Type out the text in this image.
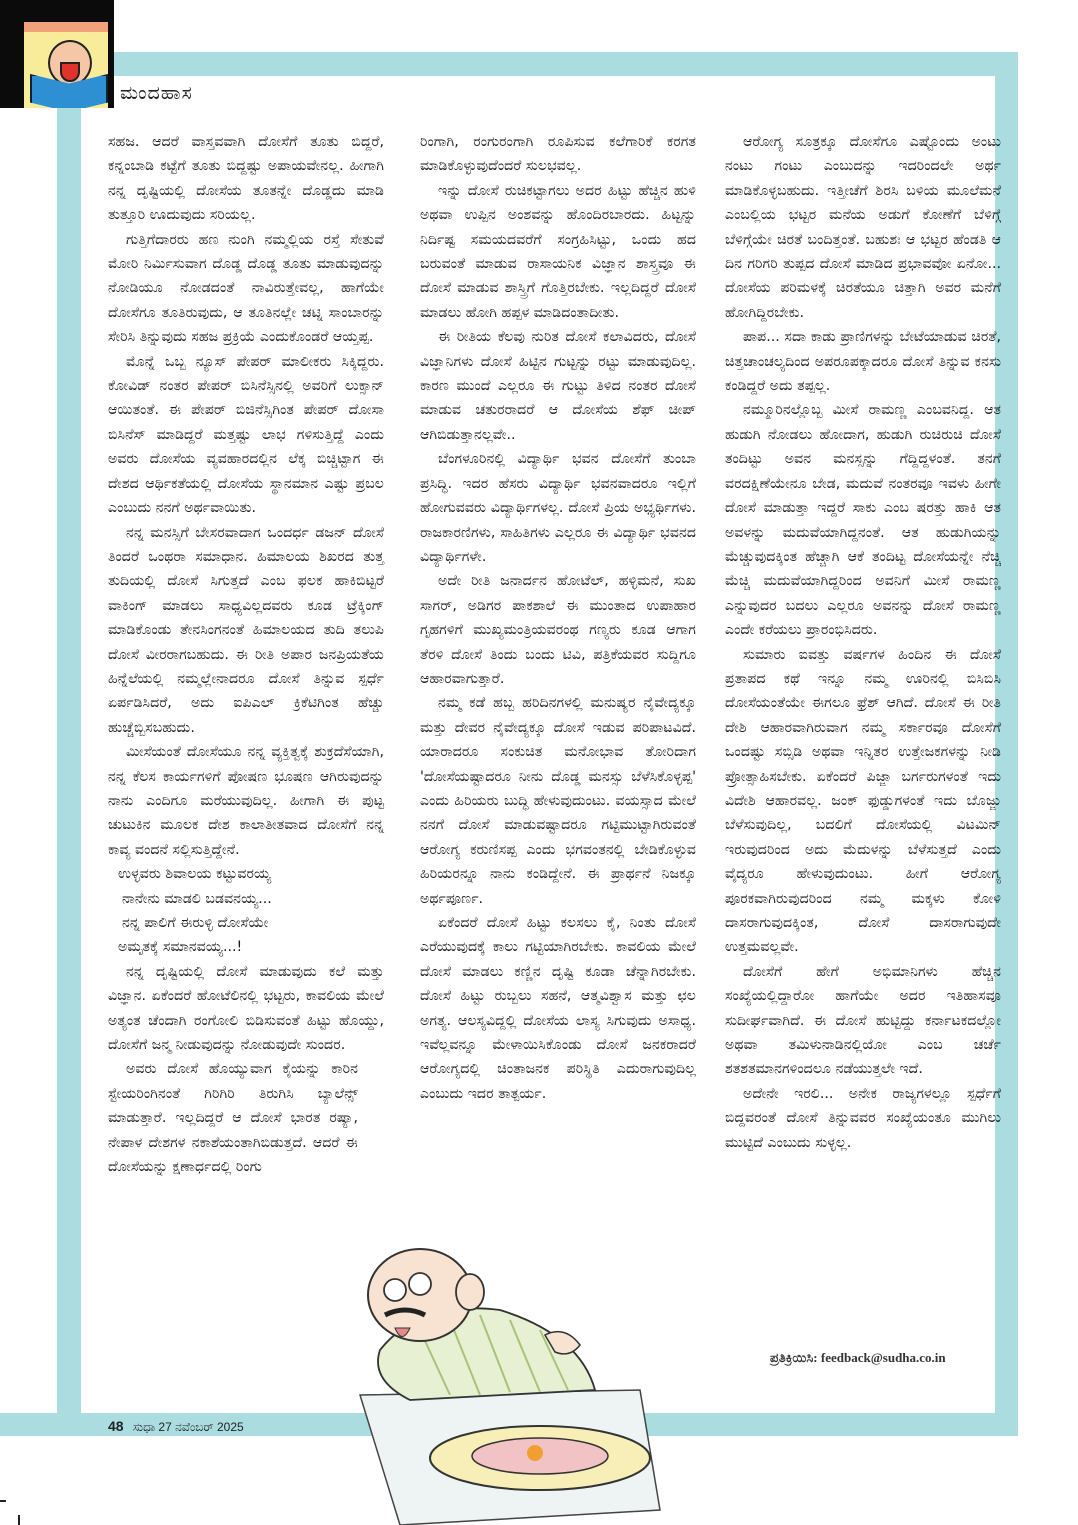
ಮಂದಹಾಸ

ಸಹಜ. ಆದರೆ ವಾಸ್ತವವಾಗಿ ದೋಸೆಗೆ ತೂತು ಬಿದ್ದರೆ, ಕನ್ನಂಬಾಡಿ ಕಟ್ಟೆಗೆ ತೂತು ಬಿದ್ದಷ್ಟು ಅಪಾಯವೇನಲ್ಲ. ಹೀಗಾಗಿ ನನ್ನ ದೃಷ್ಟಿಯಲ್ಲಿ ದೋಸೆಯ ತೂತನ್ನೇ ದೊಡ್ಡದು ಮಾಡಿ ತುತ್ತೂರಿ ಊದುವುದು ಸರಿಯಲ್ಲ.

ಗುತ್ತಿಗೆದಾರರು ಹಣ ನುಂಗಿ ನಮ್ಮಲ್ಲಿಯ ರಸ್ತೆ ಸೇತುವೆ ಮೋರಿ ನಿರ್ಮಿಸುವಾಗ ದೊಡ್ಡ ದೊಡ್ಡ ತೂತು ಮಾಡುವುದನ್ನು ನೋಡಿಯೂ ನೋಡದಂತೆ ನಾವಿರುತ್ತೇವಲ್ಲ, ಹಾಗೆಯೇ ದೋಸೆಗೂ ತೂತಿರುವುದು, ಆ ತೂತಿನಲ್ಲೇ ಚಟ್ನಿ ಸಾಂಬಾರನ್ನು ಸೇರಿಸಿ ತಿನ್ನುವುದು ಸಹಜ ಪ್ರಕ್ರಿಯೆ ಎಂದುಕೊಂಡರೆ ಆಯ್ತಪ್ಪ.

ಮೊನ್ನೆ ಒಬ್ಬ ನ್ಯೂಸ್ ಪೇಪರ್ ಮಾಲೀಕರು ಸಿಕ್ಕಿದ್ದರು. ಕೋವಿಡ್ ನಂತರ ಪೇಪರ್ ಬಿಸಿನೆಸ್ಸಿನಲ್ಲಿ ಅವರಿಗೆ ಲುಕ್ಸಾನ್ ಆಯಿತಂತೆ. ಈ ಪೇಪರ್ ಬಿಜಿನೆಸ್ಸಿಗಿಂತ ಪೇಪರ್ ದೋಸಾ ಬಿಸಿನೆಸ್ ಮಾಡಿದ್ದರೆ ಮತ್ತಷ್ಟು ಲಾಭ ಗಳಿಸುತ್ತಿದ್ದೆ ಎಂದು ಅವರು ದೋಸೆಯ ವ್ಯವಹಾರದಲ್ಲಿನ ಲೆಕ್ಕ ಬಿಚ್ಚಿಟ್ಟಾಗ ಈ ದೇಶದ ಆರ್ಥಿಕತೆಯಲ್ಲಿ ದೋಸೆಯ ಸ್ಥಾನಮಾನ ಎಷ್ಟು ಪ್ರಬಲ ಎಂಬುದು ನನಗೆ ಅರ್ಥವಾಯಿತು.

ನನ್ನ ಮನಸ್ಸಿಗೆ ಬೇಸರವಾದಾಗ ಒಂದರ್ಧ ಡಜನ್ ದೋಸೆ ತಿಂದರೆ ಒಂಥರಾ ಸಮಾಧಾನ. ಹಿಮಾಲಯ ಶಿಖರದ ತುತ್ತ ತುದಿಯಲ್ಲಿ ದೋಸೆ ಸಿಗುತ್ತದೆ ಎಂಬ ಫಲಕ ಹಾಕಿಬಿಟ್ಟರೆ ವಾಕಿಂಗ್ ಮಾಡಲು ಸಾಧ್ಯವಿಲ್ಲದವರು ಕೂಡ ಟ್ರೆಕ್ಕಿಂಗ್ ಮಾಡಿಕೊಂಡು ತೇನಸಿಂಗನಂತೆ ಹಿಮಾಲಯದ ತುದಿ ತಲುಪಿ ದೋಸೆ ವೀರರಾಗಬಹುದು. ಈ ರೀತಿ ಅಪಾರ ಜನಪ್ರಿಯತೆಯ ಹಿನ್ನೆಲೆಯಲ್ಲಿ ನಮ್ಮಲ್ಲೇನಾದರೂ ದೋಸೆ ತಿನ್ನುವ ಸ್ಪರ್ಧೆ ಏರ್ಪಡಿಸಿದರೆ, ಅದು ಐಪಿಎಲ್ ಕ್ರಿಕೆಟಿಗಿಂತ ಹೆಚ್ಚು ಹುಚ್ಚೆಬ್ಬಿಸಬಹುದು.

ಮೀಸೆಯಂತೆ ದೋಸೆಯೂ ನನ್ನ ವ್ಯಕ್ತಿತ್ವಕ್ಕೆ ಶುಕ್ರದೆಸೆಯಾಗಿ, ನನ್ನ ಕೆಲಸ ಕಾರ್ಯಗಳಿಗೆ ಪೋಷಣ ಭೂಷಣ ಆಗಿರುವುದನ್ನು ನಾನು ಎಂದಿಗೂ ಮರೆಯುವುದಿಲ್ಲ. ಹೀಗಾಗಿ ಈ ಪುಟ್ಟ ಚುಟುಕಿನ ಮೂಲಕ ದೇಶ ಕಾಲಾತೀತವಾದ ದೋಸೆಗೆ ನನ್ನ ಕಾವ್ಯ ವಂದನೆ ಸಲ್ಲಿಸುತ್ತಿದ್ದೇನೆ.

ಉಳ್ಳವರು ಶಿವಾಲಯ ಕಟ್ಟುವರಯ್ಯ
ನಾನೇನು ಮಾಡಲಿ ಬಡವನಯ್ಯ...
ನನ್ನ ಪಾಲಿಗೆ ಈರುಳ್ಳಿ ದೋಸೆಯೇ
ಅಮೃತಕ್ಕೆ ಸಮಾನವಯ್ಯ...!

ನನ್ನ ದೃಷ್ಟಿಯಲ್ಲಿ ದೋಸೆ ಮಾಡುವುದು ಕಲೆ ಮತ್ತು ವಿಜ್ಞಾನ. ಏಕೆಂದರೆ ಹೋಟೆಲಿನಲ್ಲಿ ಭಟ್ಟರು, ಕಾವಲಿಯ ಮೇಲೆ ಅತ್ಯಂತ ಚೆಂದಾಗಿ ರಂಗೋಲಿ ಬಿಡಿಸುವಂತೆ ಹಿಟ್ಟು ಹೊಯ್ದು, ದೋಸೆಗೆ ಜನ್ಮ ನೀಡುವುದನ್ನು ನೋಡುವುದೇ ಸುಂದರ.

ಅವರು ದೋಸೆ ಹೊಯ್ಯುವಾಗ ಕೈಯನ್ನು ಕಾರಿನ ಸ್ಟೇಯರಿಂಗಿನಂತೆ ಗಿರಿಗಿರಿ ತಿರುಗಿಸಿ ಬ್ಯಾಲೆನ್ಸ್ ಮಾಡುತ್ತಾರೆ. ಇಲ್ಲದಿದ್ದರೆ ಆ ದೋಸೆ ಭಾರತ ರಷ್ಯಾ, ನೇಪಾಳ ದೇಶಗಳ ನಕಾಶೆಯಂತಾಗಿಬಿಡುತ್ತದೆ. ಆದರೆ ಈ ದೋಸೆಯನ್ನು ಕ್ಷಣಾರ್ಧದಲ್ಲಿ ರಿಂಗು

ರಿಂಗಾಗಿ, ರಂಗುರಂಗಾಗಿ ರೂಪಿಸುವ ಕಲೆಗಾರಿಕೆ ಕರಗತ ಮಾಡಿಕೊಳ್ಳುವುದೆಂದರೆ ಸುಲಭವಲ್ಲ.

ಇನ್ನು ದೋಸೆ ರುಚಿಕಟ್ಟಾಗಲು ಅದರ ಹಿಟ್ಟು ಹೆಚ್ಚಿನ ಹುಳಿ ಅಥವಾ ಉಪ್ಪಿನ ಅಂಶವನ್ನು ಹೊಂದಿರಬಾರದು. ಹಿಟ್ಟನ್ನು ನಿರ್ದಿಷ್ಟ ಸಮಯದವರೆಗೆ ಸಂಗ್ರಹಿಸಿಟ್ಟು, ಒಂದು ಹದ ಬರುವಂತೆ ಮಾಡುವ ರಾಸಾಯನಿಕ ವಿಜ್ಞಾನ ಶಾಸ್ತ್ರವೂ ಈ ದೋಸೆ ಮಾಡುವ ಶಾಸ್ತ್ರಿಗೆ ಗೊತ್ತಿರಬೇಕು. ಇಲ್ಲದಿದ್ದರೆ ದೋಸೆ ಮಾಡಲು ಹೋಗಿ ಹಪ್ಪಳ ಮಾಡಿದಂತಾದೀತು.

ಈ ರೀತಿಯ ಕೆಲವು ನುರಿತ ದೋಸೆ ಕಲಾವಿದರು, ದೋಸೆ ವಿಜ್ಞಾನಿಗಳು ದೋಸೆ ಹಿಟ್ಟಿನ ಗುಟ್ಟನ್ನು ರಟ್ಟು ಮಾಡುವುದಿಲ್ಲ. ಕಾರಣ ಮುಂದೆ ಎಲ್ಲರೂ ಈ ಗುಟ್ಟು ತಿಳಿದ ನಂತರ ದೋಸೆ ಮಾಡುವ ಚತುರರಾದರೆ ಆ ದೋಸೆಯ ಶೆಫ್ ಚೀಪ್ ಆಗಿಬಿಡುತ್ತಾನಲ್ಲವೇ..

ಬೆಂಗಳೂರಿನಲ್ಲಿ ವಿದ್ಯಾರ್ಥಿ ಭವನ ದೋಸೆಗೆ ತುಂಬಾ ಪ್ರಸಿದ್ಧಿ. ಇದರ ಹೆಸರು ವಿದ್ಯಾರ್ಥಿ ಭವನವಾದರೂ ಇಲ್ಲಿಗೆ ಹೋಗುವವರು ವಿದ್ಯಾರ್ಥಿಗಳಲ್ಲ. ದೋಸೆ ಪ್ರಿಯ ಅಭ್ಯರ್ಥಿಗಳು. ರಾಜಕಾರಣಿಗಳು, ಸಾಹಿತಿಗಳು ಎಲ್ಲರೂ ಈ ವಿದ್ಯಾರ್ಥಿ ಭವನದ ವಿದ್ಯಾರ್ಥಿಗಳೇ.

ಅದೇ ರೀತಿ ಜನಾರ್ದನ ಹೋಟೆಲ್, ಹಳ್ಳಿಮನೆ, ಸುಖ ಸಾಗರ್, ಅಡಿಗರ ಪಾಕಶಾಲೆ ಈ ಮುಂತಾದ ಉಪಾಹಾರ ಗೃಹಗಳಿಗೆ ಮುಖ್ಯಮಂತ್ರಿಯವರಂಥ ಗಣ್ಯರು ಕೂಡ ಆಗಾಗ ತೆರಳಿ ದೋಸೆ ತಿಂದು ಬಂದು ಟಿವಿ, ಪತ್ರಿಕೆಯವರ ಸುದ್ದಿಗೂ ಆಹಾರವಾಗುತ್ತಾರೆ.

ನಮ್ಮ ಕಡೆ ಹಬ್ಬ ಹರಿದಿನಗಳಲ್ಲಿ ಮನುಷ್ಯರ ನೈವೇದ್ಯಕ್ಕೂ ಮತ್ತು ದೇವರ ನೈವೇದ್ಯಕ್ಕೂ ದೋಸೆ ಇಡುವ ಪರಿಪಾಟವಿದೆ. ಯಾರಾದರೂ ಸಂಕುಚಿತ ಮನೋಭಾವ ತೋರಿದಾಗ 'ದೋಸೆಯಷ್ಟಾದರೂ ನೀನು ದೊಡ್ಡ ಮನಸ್ಸು ಬೆಳೆಸಿಕೊಳ್ಳಪ್ಪ' ಎಂದು ಹಿರಿಯರು ಬುದ್ಧಿ ಹೇಳುವುದುಂಟು. ವಯಸ್ಸಾದ ಮೇಲೆ ನನಗೆ ದೋಸೆ ಮಾಡುವಷ್ಟಾದರೂ ಗಟ್ಟಿಮುಟ್ಟಾಗಿರುವಂತೆ ಆರೋಗ್ಯ ಕರುಣಿಸಪ್ಪ ಎಂದು ಭಗವಂತನಲ್ಲಿ ಬೇಡಿಕೊಳ್ಳುವ ಹಿರಿಯರನ್ನೂ ನಾನು ಕಂಡಿದ್ದೇನೆ. ಈ ಪ್ರಾರ್ಥನೆ ನಿಜಕ್ಕೂ ಅರ್ಥಪೂರ್ಣ.

ಏಕೆಂದರೆ ದೋಸೆ ಹಿಟ್ಟು ಕಲಸಲು ಕೈ, ನಿಂತು ದೋಸೆ ಎರೆಯುವುದಕ್ಕೆ ಕಾಲು ಗಟ್ಟಿಯಾಗಿರಬೇಕು. ಕಾವಲಿಯ ಮೇಲೆ ದೋಸೆ ಮಾಡಲು ಕಣ್ಣಿನ ದೃಷ್ಟಿ ಕೂಡಾ ಚೆನ್ನಾಗಿರಬೇಕು. ದೋಸೆ ಹಿಟ್ಟು ರುಬ್ಬಲು ಸಹನೆ, ಆತ್ಮವಿಶ್ವಾಸ ಮತ್ತು ಛಲ ಅಗತ್ಯ. ಆಲಸ್ಯವಿದ್ದಲ್ಲಿ ದೋಸೆಯ ಲಾಸ್ಯ ಸಿಗುವುದು ಅಸಾಧ್ಯ. ಇವೆಲ್ಲವನ್ನೂ ಮೇಳಾಯಿಸಿಕೊಂಡು ದೋಸೆ ಜನಕರಾದರೆ ಆರೋಗ್ಯದಲ್ಲಿ ಚಿಂತಾಜನಕ ಪರಿಸ್ಥಿತಿ ಎದುರಾಗುವುದಿಲ್ಲ ಎಂಬುದು ಇದರ ತಾತ್ಪರ್ಯ.

ಆರೋಗ್ಯ ಸೂತ್ರಕ್ಕೂ ದೋಸೆಗೂ ಎಷ್ಟೊಂದು ಅಂಟು ನಂಟು ಗಂಟು ಎಂಬುದನ್ನು ಇದರಿಂದಲೇ ಅರ್ಥ ಮಾಡಿಕೊಳ್ಳಬಹುದು. ಇತ್ತೀಚೆಗೆ ಶಿರಸಿ ಬಳಿಯ ಮೂಲೆಮನೆ ಎಂಬಲ್ಲಿಯ ಭಟ್ಟರ ಮನೆಯ ಅಡುಗೆ ಕೋಣೆಗೆ ಬೆಳಿಗ್ಗೆ ಬೆಳಿಗ್ಗೆಯೇ ಚಿರತೆ ಬಂದಿತ್ತಂತೆ. ಬಹುಶಃ ಆ ಭಟ್ಟರ ಹೆಂಡತಿ ಆ ದಿನ ಗರಿಗರಿ ತುಪ್ಪದ ದೋಸೆ ಮಾಡಿದ ಪ್ರಭಾವವೋ ಏನೋ... ದೋಸೆಯ ಪರಿಮಳಕ್ಕೆ ಚಿರತೆಯೂ ಚಿತ್ತಾಗಿ ಅವರ ಮನೆಗೆ ಹೋಗಿದ್ದಿರಬೇಕು.

ಪಾಪ... ಸದಾ ಕಾಡು ಪ್ರಾಣಿಗಳನ್ನು ಬೇಟೆಯಾಡುವ ಚಿರತೆ, ಚಿತ್ತಚಾಂಚಲ್ಯದಿಂದ ಅಪರೂಪಕ್ಕಾದರೂ ದೋಸೆ ತಿನ್ನುವ ಕನಸು ಕಂಡಿದ್ದರೆ ಅದು ತಪ್ಪಲ್ಲ.

ನಮ್ಮೂರಿನಲ್ಲೊಬ್ಬ ಮೀಸೆ ರಾಮಣ್ಣ ಎಂಬವನಿದ್ದ. ಆತ ಹುಡುಗಿ ನೋಡಲು ಹೋದಾಗ, ಹುಡುಗಿ ರುಚಿರುಚಿ ದೋಸೆ ತಂದಿಟ್ಟು ಅವನ ಮನಸ್ಸನ್ನು ಗೆದ್ದಿದ್ದಳಂತೆ. ತನಗೆ ವರದಕ್ಷಿಣೆಯೇನೂ ಬೇಡ, ಮದುವೆ ನಂತರವೂ ಇವಳು ಹೀಗೇ ದೋಸೆ ಮಾಡುತ್ತಾ ಇದ್ದರೆ ಸಾಕು ಎಂಬ ಷರತ್ತು ಹಾಕಿ ಆತ ಅವಳನ್ನು ಮದುವೆಯಾಗಿದ್ದನಂತೆ. ಆತ ಹುಡುಗಿಯನ್ನು ಮೆಚ್ಚುವುದಕ್ಕಿಂತ ಹೆಚ್ಚಾಗಿ ಆಕೆ ತಂದಿಟ್ಟ ದೋಸೆಯನ್ನೇ ನೆಚ್ಚಿ ಮೆಚ್ಚಿ ಮದುವೆಯಾಗಿದ್ದರಿಂದ ಅವನಿಗೆ ಮೀಸೆ ರಾಮಣ್ಣ ಎನ್ನುವುದರ ಬದಲು ಎಲ್ಲರೂ ಅವನನ್ನು ದೋಸೆ ರಾಮಣ್ಣ ಎಂದೇ ಕರೆಯಲು ಪ್ರಾರಂಭಿಸಿದರು.

ಸುಮಾರು ಐವತ್ತು ವರ್ಷಗಳ ಹಿಂದಿನ ಈ ದೋಸೆ ಪ್ರತಾಪದ ಕಥೆ ಇನ್ನೂ ನಮ್ಮ ಊರಿನಲ್ಲಿ ಬಿಸಿಬಿಸಿ ದೋಸೆಯಂತೆಯೇ ಈಗಲೂ ಫ್ರೆಶ್ ಆಗಿದೆ. ದೋಸೆ ಈ ರೀತಿ ದೇಶಿ ಆಹಾರವಾಗಿರುವಾಗ ನಮ್ಮ ಸರ್ಕಾರವೂ ದೋಸೆಗೆ ಒಂದಷ್ಟು ಸಬ್ಸಿಡಿ ಅಥವಾ ಇನ್ನಿತರ ಉತ್ತೇಜಕಗಳನ್ನು ನೀಡಿ ಪ್ರೋತ್ಸಾಹಿಸಬೇಕು. ಏಕೆಂದರೆ ಪಿಜ್ಜಾ ಬರ್ಗರುಗಳಂತೆ ಇದು ವಿದೇಶಿ ಆಹಾರವಲ್ಲ. ಜಂಕ್ ಫುಡ್ಡುಗಳಂತೆ ಇದು ಬೊಜ್ಜು ಬೆಳೆಸುವುದಿಲ್ಲ, ಬದಲಿಗೆ ದೋಸೆಯಲ್ಲಿ ವಿಟಮಿನ್ ಇರುವುದರಿಂದ ಅದು ಮೆದುಳನ್ನು ಬೆಳೆಸುತ್ತದೆ ಎಂದು ವೈದ್ಯರೂ ಹೇಳುವುದುಂಟು. ಹೀಗೆ ಆರೋಗ್ಯ ಪೂರಕವಾಗಿರುವುದರಿಂದ ನಮ್ಮ ಮಕ್ಕಳು ಕೋಳಿ ದಾಸರಾಗುವುದಕ್ಕಿಂತ, ದೋಸೆ ದಾಸರಾಗುವುದೇ ಉತ್ತಮವಲ್ಲವೇ.

ದೋಸೆಗೆ ಹೇಗೆ ಅಭಿಮಾನಿಗಳು ಹೆಚ್ಚಿನ ಸಂಖ್ಯೆಯಲ್ಲಿದ್ದಾರೋ ಹಾಗೆಯೇ ಅದರ ಇತಿಹಾಸವೂ ಸುದೀರ್ಘವಾಗಿದೆ. ಈ ದೋಸೆ ಹುಟ್ಟಿದ್ದು ಕರ್ನಾಟಕದಲ್ಲೋ ಅಥವಾ ತಮಿಳುನಾಡಿನಲ್ಲಿಯೋ ಎಂಬ ಚರ್ಚೆ ಶತಶತಮಾನಗಳಿಂದಲೂ ನಡೆಯುತ್ತಲೇ ಇದೆ.

ಅದೇನೇ ಇರಲಿ... ಅನೇಕ ರಾಜ್ಯಗಳಲ್ಲೂ ಸ್ಪರ್ಧೆಗೆ ಬಿದ್ದವರಂತೆ ದೋಸೆ ತಿನ್ನುವವರ ಸಂಖ್ಯೆಯಂತೂ ಮುಗಿಲು ಮುಟ್ಟಿದೆ ಎಂಬುದು ಸುಳ್ಳಲ್ಲ.

ಪ್ರತಿಕ್ರಿಯಿಸಿ: feedback@sudha.co.in
48 ಸುಧಾ 27 ನವೆಂಬರ್ 2025
